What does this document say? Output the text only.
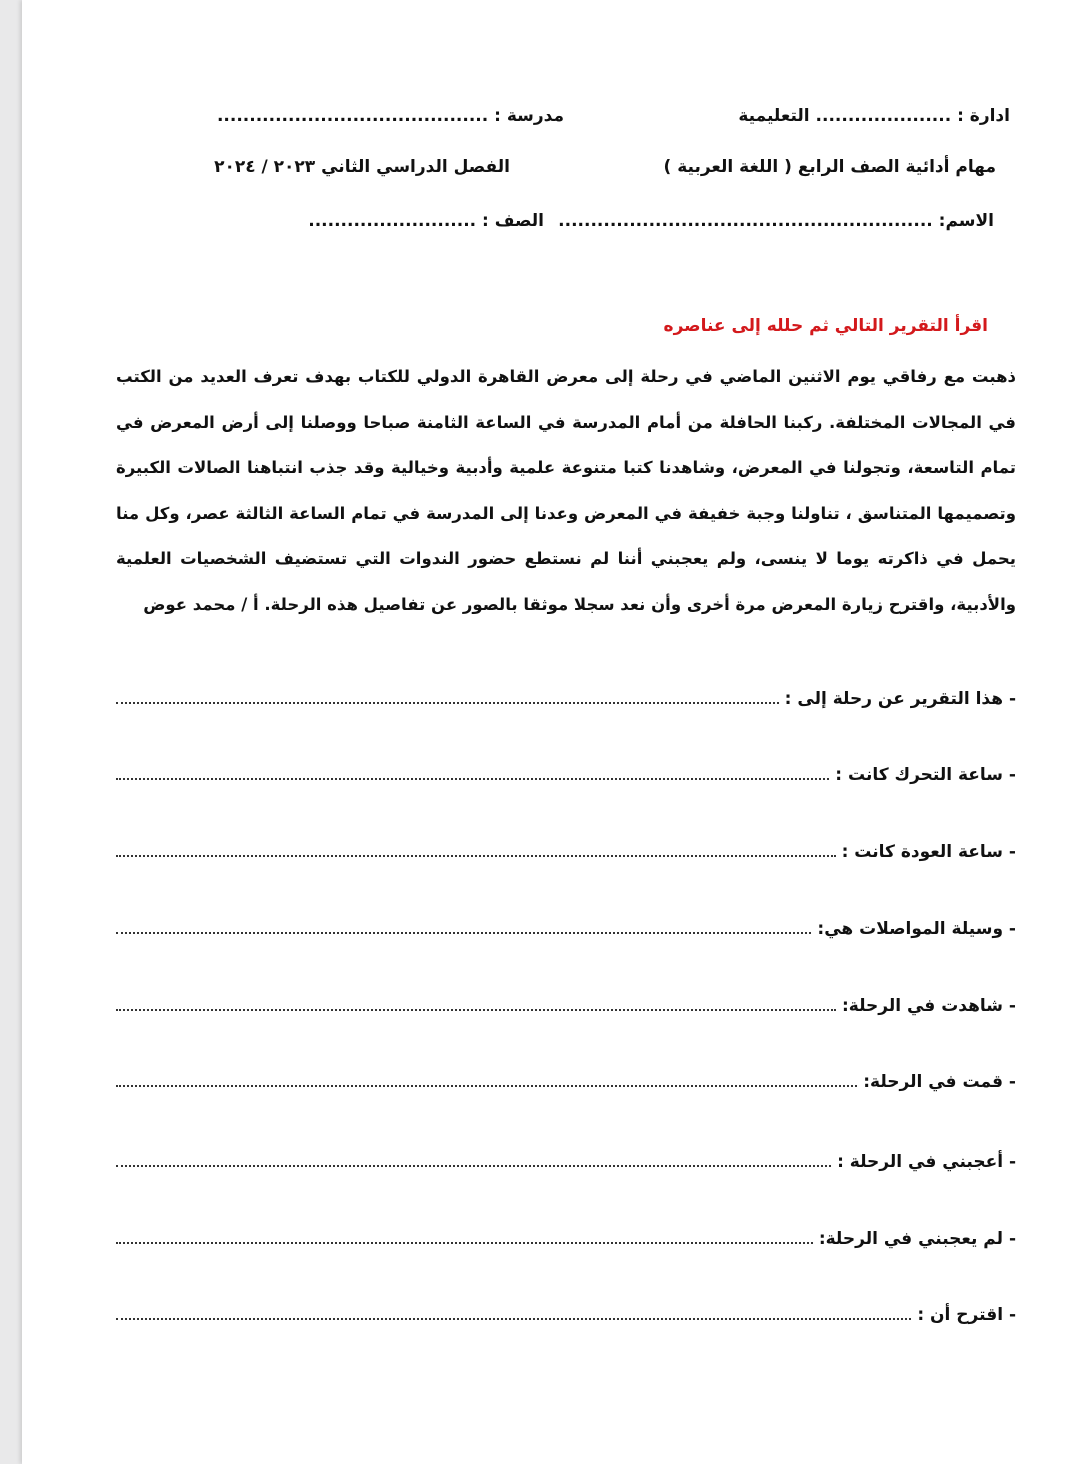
ادارة : ..................... التعليمية
مدرسة : ..........................................
مهام أدائية الصف الرابع ( اللغة العربية )
الفصل الدراسي الثاني ٢٠٢٣ / ٢٠٢٤
الاسم: ..........................................................
الصف : ..........................
اقرأ التقرير التالي ثم حلله إلى عناصره

ذهبت مع رفاقي يوم الاثنين الماضي في رحلة إلى معرض القاهرة الدولي للكتاب بهدف تعرف العديد من الكتب في المجالات المختلفة. ركبنا الحافلة من أمام المدرسة في الساعة الثامنة صباحا ووصلنا إلى أرض المعرض في تمام التاسعة، وتجولنا في المعرض، وشاهدنا كتبا متنوعة علمية وأدبية وخيالية وقد جذب انتباهنا الصالات الكبيرة وتصميمها المتناسق ، تناولنا وجبة خفيفة في المعرض وعدنا إلى المدرسة في تمام الساعة الثالثة عصر، وكل منا يحمل في ذاكرته يوما لا ينسى، ولم يعجبني أننا لم نستطع حضور الندوات التي تستضيف الشخصيات العلمية والأدبية، واقترح زيارة المعرض مرة أخرى وأن نعد سجلا موثقا بالصور عن تفاصيل هذه الرحلة. أ / محمد عوض

- هذا التقرير عن رحلة إلى :
- ساعة التحرك كانت :
- ساعة العودة كانت :
- وسيلة المواصلات هي:
- شاهدت في الرحلة:
- قمت في الرحلة:
- أعجبني في الرحلة :
- لم يعجبني في الرحلة:
- اقترح أن :
